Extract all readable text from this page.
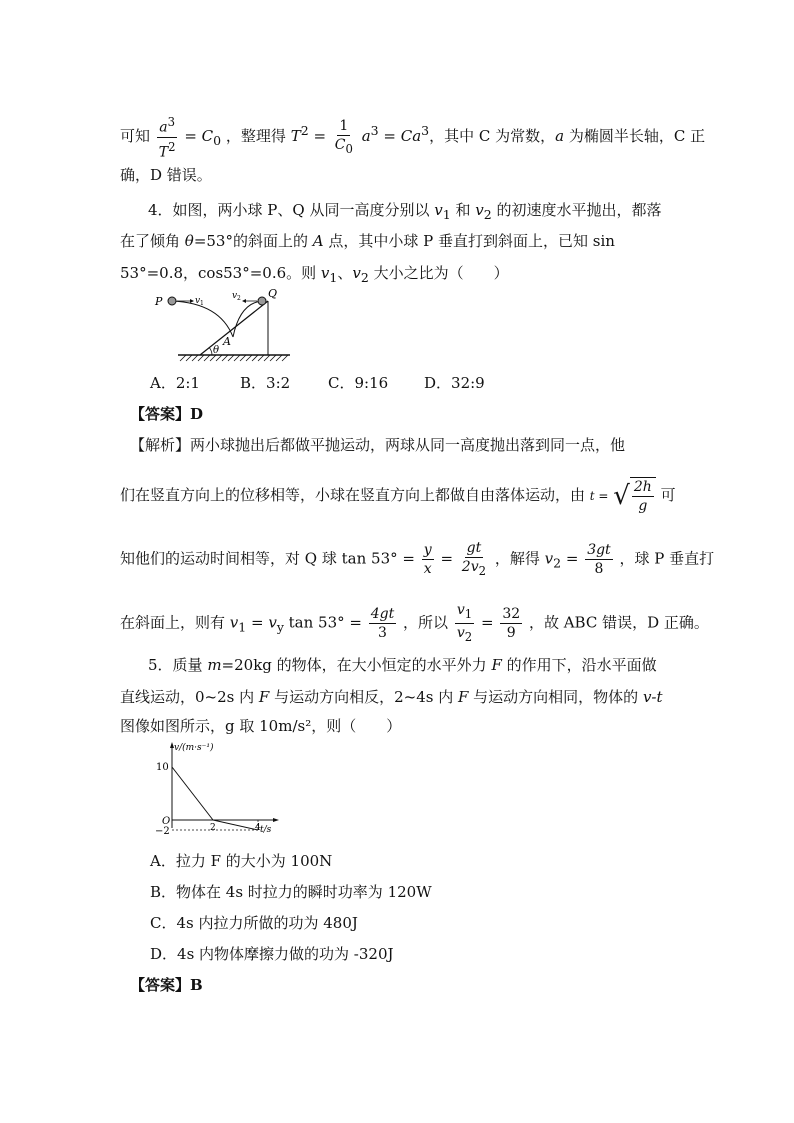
可知 $\frac{a^3}{T^2} = C_0$ ，整理得 $T^2 = \frac{1}{C_0} a^3 = Ca^3$，其中 C 为常数，a 为椭圆半长轴，C 正
确，D 错误。
4．如图，两小球 P、Q 从同一高度分别以 $v_1$ 和 $v_2$ 的初速度水平抛出，都落
在了倾角 θ=53°的斜面上的 A 点，其中小球 P 垂直打到斜面上，已知 sin
53°=0.8，cos53°=0.6。则 $v_1$、$v_2$ 大小之比为（　　）
P
Q
v 1
v 2
A
θ
A．2:1	B．3:2	C．9:16 D．32:9
【答案】D
【解析】两小球抛出后都做平抛运动，两球从同一高度抛出落到同一点，他
们在竖直方向上的位移相等，小球在竖直方向上都做自由落体运动，由 t = √ $\frac{2h}{g}$ 可
知他们的运动时间相等，对 Q 球 $\tan 53^\circ = \frac{y}{x} = \frac{gt}{2v_2}$ ，解得 $v_2 = \frac{3gt}{8}$ ，球 P 垂直打
在斜面上，则有 $v_1 = v_y$ $\tan 53^\circ = \frac{4gt}{3}$ ，所以 $\frac{v_1}{v_2} = \frac{32}{9}$ ，故 ABC 错误，D 正确。
5．质量 m=20kg 的物体，在大小恒定的水平外力 F 的作用下，沿水平面做
直线运动，0~2s 内 F 与运动方向相反，2~4s 内 F 与运动方向相同，物体的 v-t
图像如图所示，g 取 10m/s²，则（　　）
v/(m·s⁻¹)
t/s
10
−2
O
2	4
A．拉力 F 的大小为 100N
B．物体在 4s 时拉力的瞬时功率为 120W
C．4s 内拉力所做的功为 480J
D．4s 内物体摩擦力做的功为 -320J
【答案】B
